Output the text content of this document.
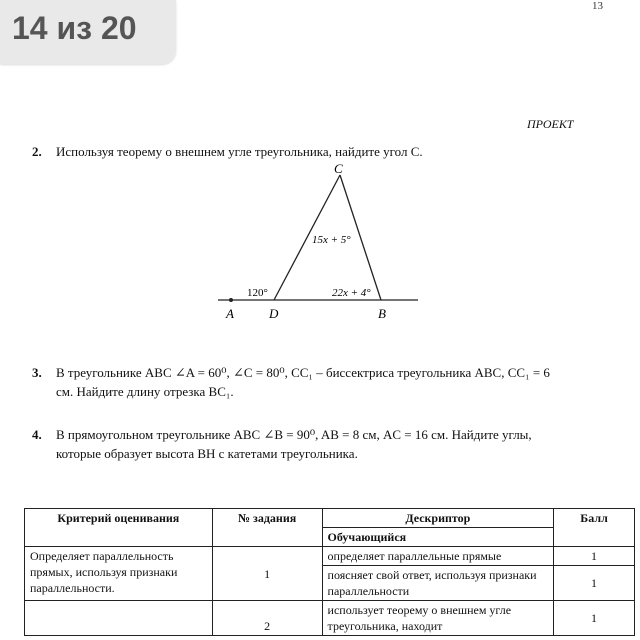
14 из 20
13
ПРОЕКТ
2. Используя теорему о внешнем угле треугольника, найдите угол C.
C
15x + 5°
120°	22x + 4°
A	D	B
3. В треугольнике ABC ∠A = 60⁰, ∠C = 80⁰, CC₁ – биссектриса треугольника ABC, CC₁ = 6
см. Найдите длину отрезка BC₁.
4. В прямоугольном треугольнике ABC ∠B = 90⁰, AB = 8 см, AC = 16 см. Найдите углы,
которые образует высота BH с катетами треугольника.
Критерий оценивания	№ задания	Дескриптор	Балл
		Обучающийся	
Определяет параллельность прямых, используя признаки параллельности.	1	определяет параллельные прямые	1
		поясняет свой ответ, используя признаки параллельности	1
	2	использует теорему о внешнем угле треугольника, находит	1
